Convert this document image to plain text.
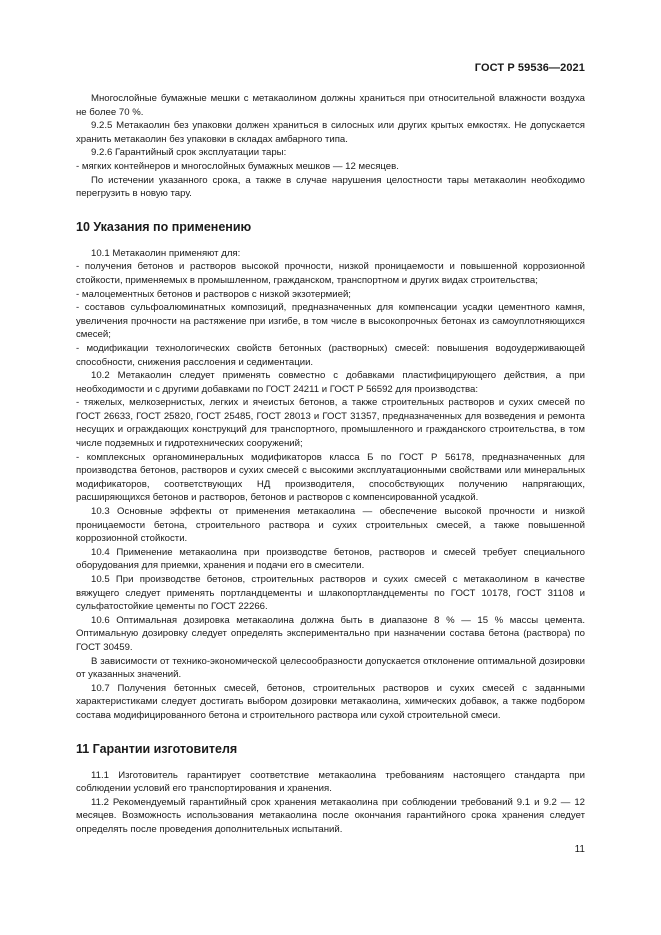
ГОСТ Р 59536—2021

Многослойные бумажные мешки с метакаолином должны храниться при относительной влажности воздуха не более 70 %.

9.2.5 Метакаолин без упаковки должен храниться в силосных или других крытых емкостях. Не допускается хранить метакаолин без упаковки в складах амбарного типа.

9.2.6 Гарантийный срок эксплуатации тары:

- мягких контейнеров и многослойных бумажных мешков — 12 месяцев.

По истечении указанного срока, а также в случае нарушения целостности тары метакаолин необходимо перегрузить в новую тару.

10 Указания по применению

10.1 Метакаолин применяют для:

- получения бетонов и растворов высокой прочности, низкой проницаемости и повышенной коррозионной стойкости, применяемых в промышленном, гражданском, транспортном и других видах строительства;

- малоцементных бетонов и растворов с низкой экзотермией;

- составов сульфоалюминатных композиций, предназначенных для компенсации усадки цементного камня, увеличения прочности на растяжение при изгибе, в том числе в высокопрочных бетонах из самоуплотняющихся смесей;

- модификации технологических свойств бетонных (растворных) смесей: повышения водоудерживающей способности, снижения расслоения и седиментации.

10.2 Метакаолин следует применять совместно с добавками пластифицирующего действия, а при необходимости и с другими добавками по ГОСТ 24211 и ГОСТ Р 56592 для производства:

- тяжелых, мелкозернистых, легких и ячеистых бетонов, а также строительных растворов и сухих смесей по ГОСТ 26633, ГОСТ 25820, ГОСТ 25485, ГОСТ 28013 и ГОСТ 31357, предназначенных для возведения и ремонта несущих и ограждающих конструкций для транспортного, промышленного и гражданского строительства, в том числе подземных и гидротехнических сооружений;

- комплексных органоминеральных модификаторов класса Б по ГОСТ Р 56178, предназначенных для производства бетонов, растворов и сухих смесей с высокими эксплуатационными свойствами или минеральных модификаторов, соответствующих НД производителя, способствующих получению напрягающих, расширяющихся бетонов и растворов, бетонов и растворов с компенсированной усадкой.

10.3 Основные эффекты от применения метакаолина — обеспечение высокой прочности и низкой проницаемости бетона, строительного раствора и сухих строительных смесей, а также повышенной коррозионной стойкости.

10.4 Применение метакаолина при производстве бетонов, растворов и смесей требует специального оборудования для приемки, хранения и подачи его в смесители.

10.5 При производстве бетонов, строительных растворов и сухих смесей с метакаолином в качестве вяжущего следует применять портландцементы и шлакопортландцементы по ГОСТ 10178, ГОСТ 31108 и сульфатостойкие цементы по ГОСТ 22266.

10.6 Оптимальная дозировка метакаолина должна быть в диапазоне 8 % — 15 % массы цемента. Оптимальную дозировку следует определять экспериментально при назначении состава бетона (раствора) по ГОСТ 30459.

В зависимости от технико-экономической целесообразности допускается отклонение оптимальной дозировки от указанных значений.

10.7 Получения бетонных смесей, бетонов, строительных растворов и сухих смесей с заданными характеристиками следует достигать выбором дозировки метакаолина, химических добавок, а также подбором состава модифицированного бетона и строительного раствора или сухой строительной смеси.

11 Гарантии изготовителя

11.1 Изготовитель гарантирует соответствие метакаолина требованиям настоящего стандарта при соблюдении условий его транспортирования и хранения.

11.2 Рекомендуемый гарантийный срок хранения метакаолина при соблюдении требований 9.1 и 9.2 — 12 месяцев. Возможность использования метакаолина после окончания гарантийного срока хранения следует определять после проведения дополнительных испытаний.

11
